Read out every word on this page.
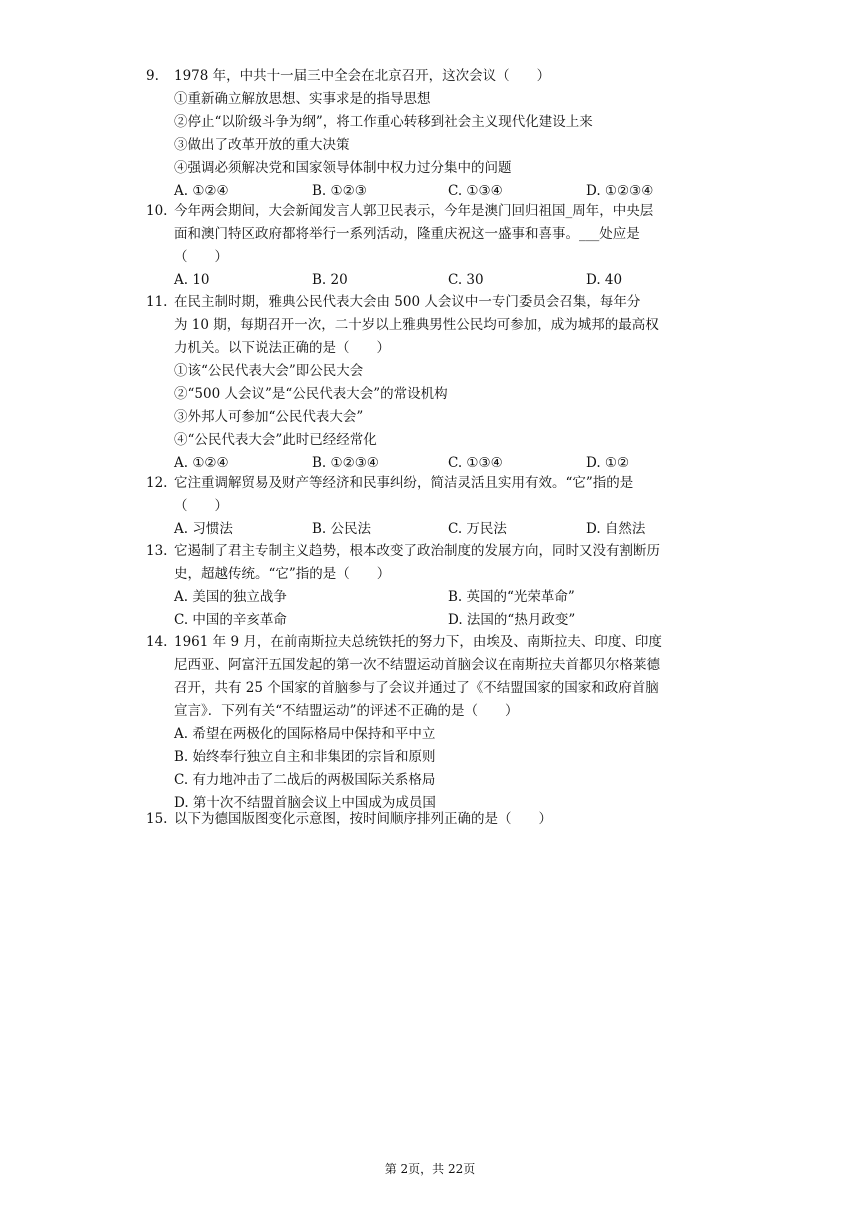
9. 1978 年，中共十一届三中全会在北京召开，这次会议（　　）
①重新确立解放思想、实事求是的指导思想
②停止“以阶级斗争为纲”，将工作重心转移到社会主义现代化建设上来
③做出了改革开放的重大决策
④强调必须解决党和国家领导体制中权力过分集中的问题
A. ①②④	B. ①②③	C. ①③④	D. ①②③④
10. 今年两会期间，大会新闻发言人郭卫民表示，今年是澳门回归祖国_周年，中央层
面和澳门特区政府都将举行一系列活动，隆重庆祝这一盛事和喜事。___处应是
（　　）
A. 10	B. 20	C. 30	D. 40
11. 在民主制时期，雅典公民代表大会由 500 人会议中一专门委员会召集，每年分
为 10 期，每期召开一次，二十岁以上雅典男性公民均可参加，成为城邦的最高权
力机关。以下说法正确的是（　　）
①该“公民代表大会”即公民大会
②“500 人会议”是“公民代表大会”的常设机构
③外邦人可参加“公民代表大会”
④“公民代表大会”此时已经经常化
A. ①②④	B. ①②③④	C. ①③④	D. ①②
12. 它注重调解贸易及财产等经济和民事纠纷，简洁灵活且实用有效。“它”指的是
（　　）
A. 习惯法	B. 公民法	C. 万民法	D. 自然法
13. 它遏制了君主专制主义趋势，根本改变了政治制度的发展方向，同时又没有割断历
史，超越传统。“它”指的是（　　）
A. 美国的独立战争	B. 英国的“光荣革命”
C. 中国的辛亥革命	D. 法国的“热月政变”
14. 1961 年 9 月，在前南斯拉夫总统铁托的努力下，由埃及、南斯拉夫、印度、印度
尼西亚、阿富汗五国发起的第一次不结盟运动首脑会议在南斯拉夫首都贝尔格莱德
召开，共有 25 个国家的首脑参与了会议并通过了《不结盟国家的国家和政府首脑
宣言》．下列有关“不结盟运动”的评述不正确的是（　　）
A. 希望在两极化的国际格局中保持和平中立
B. 始终奉行独立自主和非集团的宗旨和原则
C. 有力地冲击了二战后的两极国际关系格局
D. 第十次不结盟首脑会议上中国成为成员国
15. 以下为德国版图变化示意图，按时间顺序排列正确的是（　　）
第 2页，共 22页
